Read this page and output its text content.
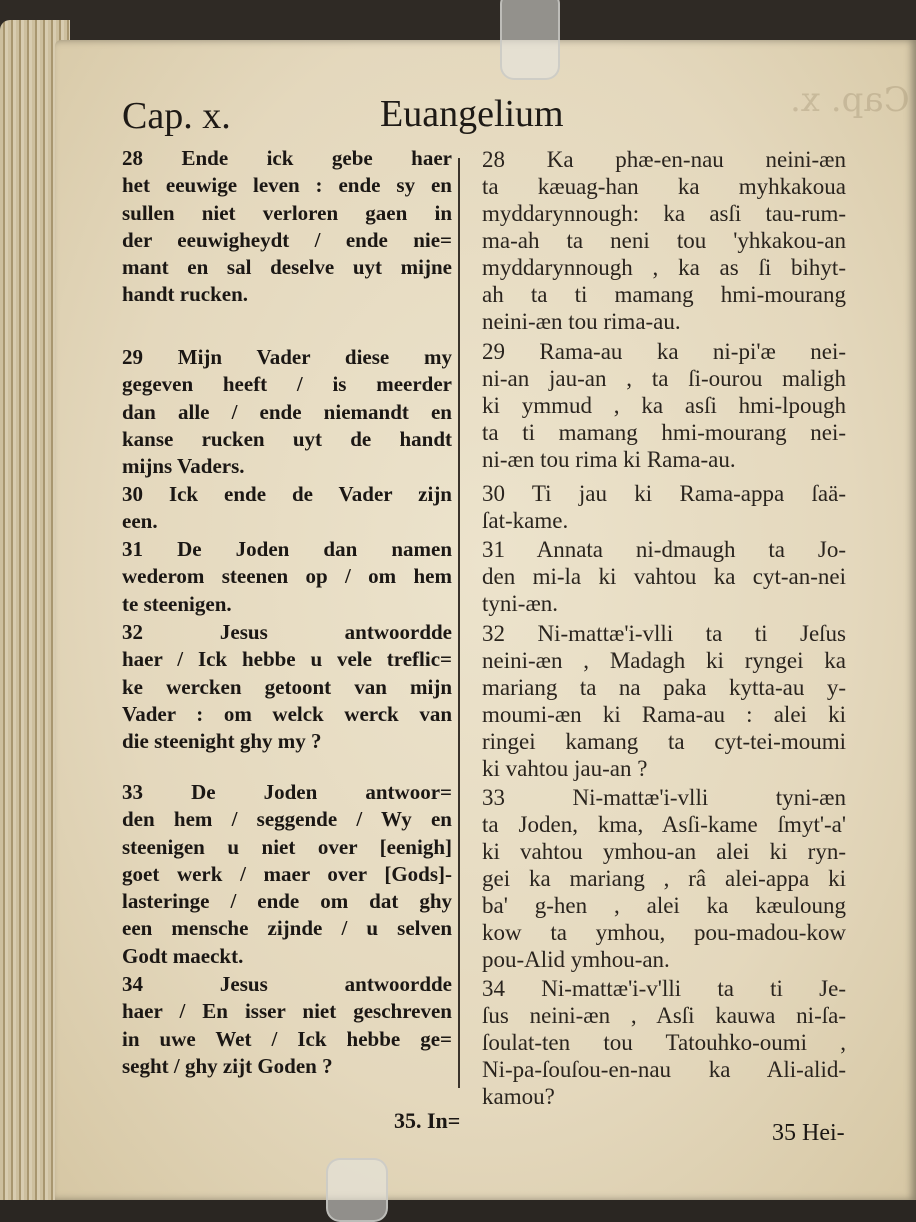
Cap. x.
Cap. x.	Euangelium
28 Ende ick gebe haer
het eeuwige leven : ende sy en
sullen niet verloren gaen in
der eeuwigheydt / ende nie=
mant en sal deselve uyt mijne
handt rucken.
29 Mijn Vader diese my
gegeven heeft / is meerder
dan alle / ende niemandt en
kanse rucken uyt de handt
mijns Vaders.
30 Ick ende de Vader zijn
een.
31 De Joden dan namen
wederom steenen op / om hem
te steenigen.
32 Jesus antwoordde
haer / Ick hebbe u vele treflic=
ke wercken getoont van mijn
Vader : om welck werck van
die steenight ghy my ?
33 De Joden antwoor=
den hem / seggende / Wy en
steenigen u niet over [eenigh]
goet werk / maer over [Gods]-
lasteringe / ende om dat ghy
een mensche zijnde / u selven
Godt maeckt.
34 Jesus antwoordde
haer / En isser niet geschreven
in uwe Wet / Ick hebbe ge=
seght / ghy zijt Goden ?
28 Ka phæ-en-nau neini-æn
ta kæuag-han ka myhkakoua
myddarynnough: ka asſi tau-rum-
ma-ah ta neni tou 'yhkakou-an
myddarynnough , ka as ſi bihyt-
ah ta ti mamang hmi-mourang
neini-æn tou rima-au.
29 Rama-au ka ni-pi'æ nei-
ni-an jau-an , ta ſi-ourou maligh
ki ymmud , ka asſi hmi-lpough
ta ti mamang hmi-mourang nei-
ni-æn tou rima ki Rama-au.
30 Ti jau ki Rama-appa ſaä-
ſat-kame.
31 Annata ni-dmaugh ta Jo-
den mi-la ki vahtou ka cyt-an-nei
tyni-æn.
32 Ni-mattæ'i-vlli ta ti Jeſus
neini-æn , Madagh ki ryngei ka
mariang ta na paka kytta-au y-
moumi-æn ki Rama-au : alei ki
ringei kamang ta cyt-tei-moumi
ki vahtou jau-an ?
33 Ni-mattæ'i-vlli tyni-æn
ta Joden, kma, Asſi-kame ſmyt'-a'
ki vahtou ymhou-an alei ki ryn-
gei ka mariang , râ alei-appa ki
ba' g-hen , alei ka kæuloung
kow ta ymhou, pou-madou-kow
pou-Alid ymhou-an.
34 Ni-mattæ'i-v'lli ta ti Je-
ſus neini-æn , Asſi kauwa ni-ſa-
ſoulat-ten tou Tatouhko-oumi ,
Ni-pa-ſouſou-en-nau ka Ali-alid-
kamou?
35. In=	35 Hei-
